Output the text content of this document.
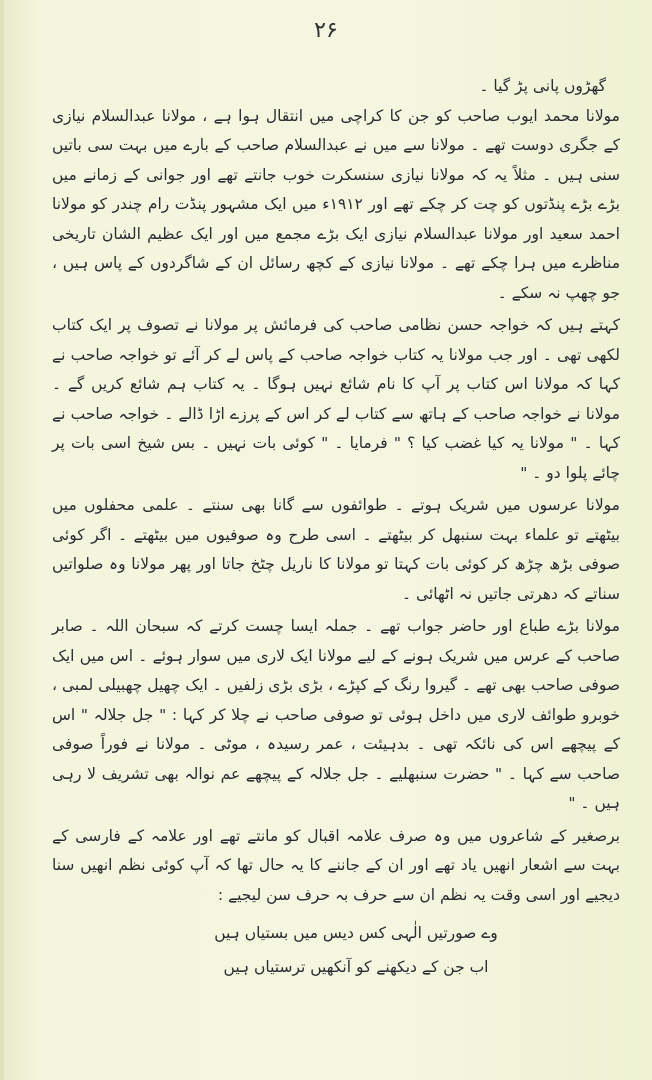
۲۶

گھڑوں پانی پڑ گیا ۔

مولانا محمد ایوب صاحب کو جن کا کراچی میں انتقال ہوا ہے ، مولانا عبدالسلام نیازی کے جگری دوست تھے ۔ مولانا سے میں نے عبدالسلام صاحب کے بارے میں بہت سی باتیں سنی ہیں ۔ مثلاً یہ کہ مولانا نیازی سنسکرت خوب جانتے تھے اور جوانی کے زمانے میں بڑے بڑے پنڈتوں کو چت کر چکے تھے اور ۱۹۱۲ء میں ایک مشہور پنڈت رام چندر کو مولانا احمد سعید اور مولانا عبدالسلام نیازی ایک بڑے مجمع میں اور ایک عظیم الشان تاریخی مناظرے میں ہرا چکے تھے ۔ مولانا نیازی کے کچھ رسائل ان کے شاگردوں کے پاس ہیں ، جو چھپ نہ سکے ۔

کہتے ہیں کہ خواجہ حسن نظامی صاحب کی فرمائش پر مولانا نے تصوف پر ایک کتاب لکھی تھی ۔ اور جب مولانا یہ کتاب خواجہ صاحب کے پاس لے کر آئے تو خواجہ صاحب نے کہا کہ مولانا اس کتاب پر آپ کا نام شائع نہیں ہوگا ۔ یہ کتاب ہم شائع کریں گے ۔ مولانا نے خواجہ صاحب کے ہاتھ سے کتاب لے کر اس کے پرزے اڑا ڈالے ۔ خواجہ صاحب نے کہا ۔ " مولانا یہ کیا غضب کیا ؟ " فرمایا ۔ " کوئی بات نہیں ۔ بس شیخ اسی بات پر چائے پلوا دو ۔ "

مولانا عرسوں میں شریک ہوتے ۔ طوائفوں سے گانا بھی سنتے ۔ علمی محفلوں میں بیٹھتے تو علماء بہت سنبھل کر بیٹھتے ۔ اسی طرح وہ صوفیوں میں بیٹھتے ۔ اگر کوئی صوفی بڑھ چڑھ کر کوئی بات کہتا تو مولانا کا ناریل چٹخ جاتا اور پھر مولانا وہ صلواتیں سناتے کہ دھرتی جاتیں نہ اٹھائی ۔

مولانا بڑے طباع اور حاضر جواب تھے ۔ جملہ ایسا چست کرتے کہ سبحان اللہ ۔ صابر صاحب کے عرس میں شریک ہونے کے لیے مولانا ایک لاری میں سوار ہوئے ۔ اس میں ایک صوفی صاحب بھی تھے ۔ گیروا رنگ کے کپڑے ، بڑی بڑی زلفیں ۔ ایک چھیل چھبیلی لمبی ، خوبرو طوائف لاری میں داخل ہوئی تو صوفی صاحب نے چلا کر کہا : " جل جلالہ " اس کے پیچھے اس کی نائکہ تھی ۔ بدہیئت ، عمر رسیدہ ، موٹی ۔ مولانا نے فوراً صوفی صاحب سے کہا ۔ " حضرت سنبھلیے ۔ جل جلالہ کے پیچھے عم نوالہ بھی تشریف لا رہی ہیں ۔ "

برصغیر کے شاعروں میں وہ صرف علامہ اقبال کو مانتے تھے اور علامہ کے فارسی کے بہت سے اشعار انھیں یاد تھے اور ان کے جاننے کا یہ حال تھا کہ آپ کوئی نظم انھیں سنا دیجیے اور اسی وقت یہ نظم ان سے حرف بہ حرف سن لیجیے :

وے صورتیں الٰہی کس دیس میں بستیاں ہیں
اب جن کے دیکھنے کو آنکھیں ترستیاں ہیں
